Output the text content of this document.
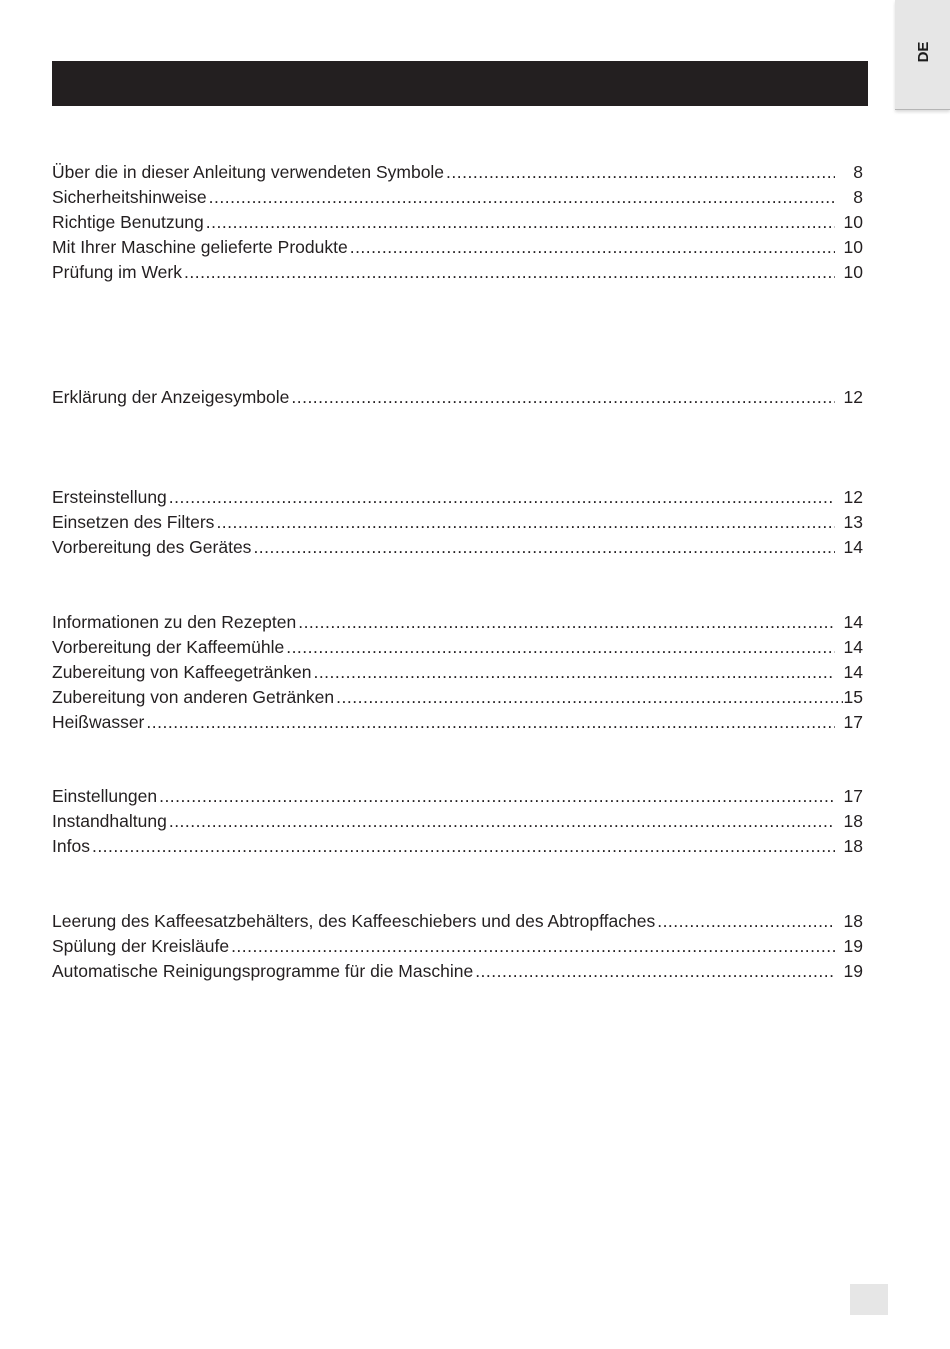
DE
Über die in dieser Anleitung verwendeten Symbole .....	8
Sicherheitshinweise .....	8
Richtige Benutzung .....	10
Mit Ihrer Maschine gelieferte Produkte .....	10
Prüfung im Werk .....	10
Erklärung der Anzeigesymbole .....	12
Ersteinstellung .....	12
Einsetzen des Filters .....	13
Vorbereitung des Gerätes .....	14
Informationen zu den Rezepten .....	14
Vorbereitung der Kaffeemühle .....	14
Zubereitung von Kaffeegetränken .....	14
Zubereitung von anderen Getränken .....	15
Heißwasser .....	17
Einstellungen .....	17
Instandhaltung .....	18
Infos .....	18
Leerung des Kaffeesatzbehälters, des Kaffeeschiebers und des Abtropffaches .....	18
Spülung der Kreisläufe .....	19
Automatische Reinigungsprogramme für die Maschine .....	19
